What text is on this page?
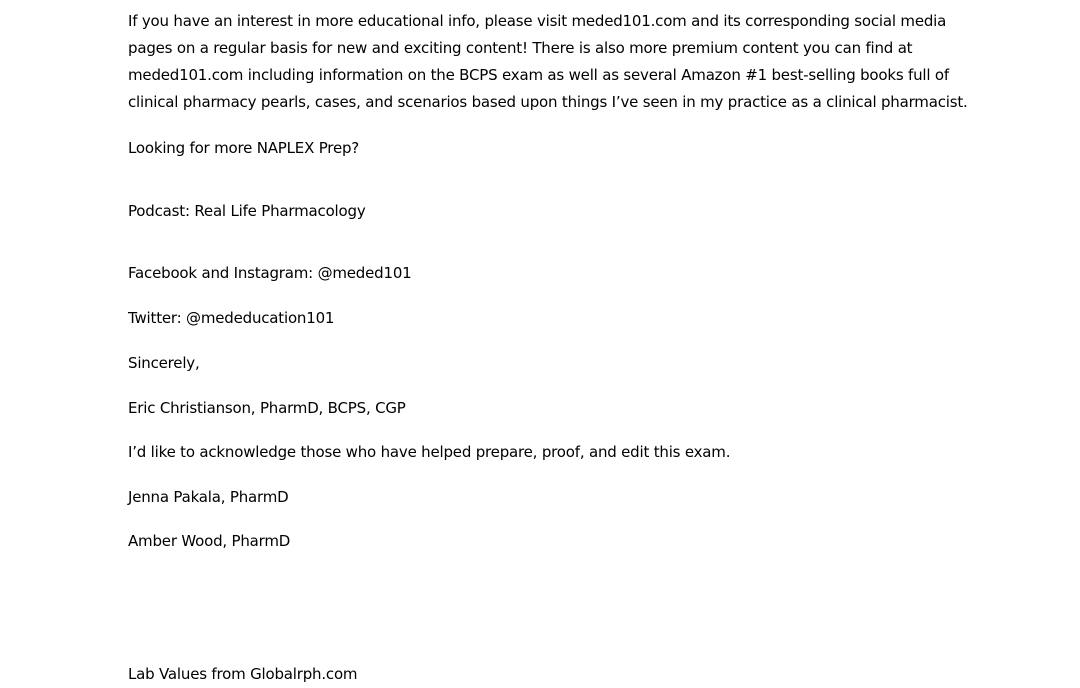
If you have an interest in more educational info, please visit meded101.com and its corresponding social media
pages on a regular basis for new and exciting content! There is also more premium content you can find at
meded101.com including information on the BCPS exam as well as several Amazon #1 best-selling books full of
clinical pharmacy pearls, cases, and scenarios based upon things I’ve seen in my practice as a clinical pharmacist.

Looking for more NAPLEX Prep?

Podcast: Real Life Pharmacology

Facebook and Instagram: @meded101

Twitter: @mededucation101

Sincerely,

Eric Christianson, PharmD, BCPS, CGP

I’d like to acknowledge those who have helped prepare, proof, and edit this exam.

Jenna Pakala, PharmD

Amber Wood, PharmD

Lab Values from Globalrph.com
